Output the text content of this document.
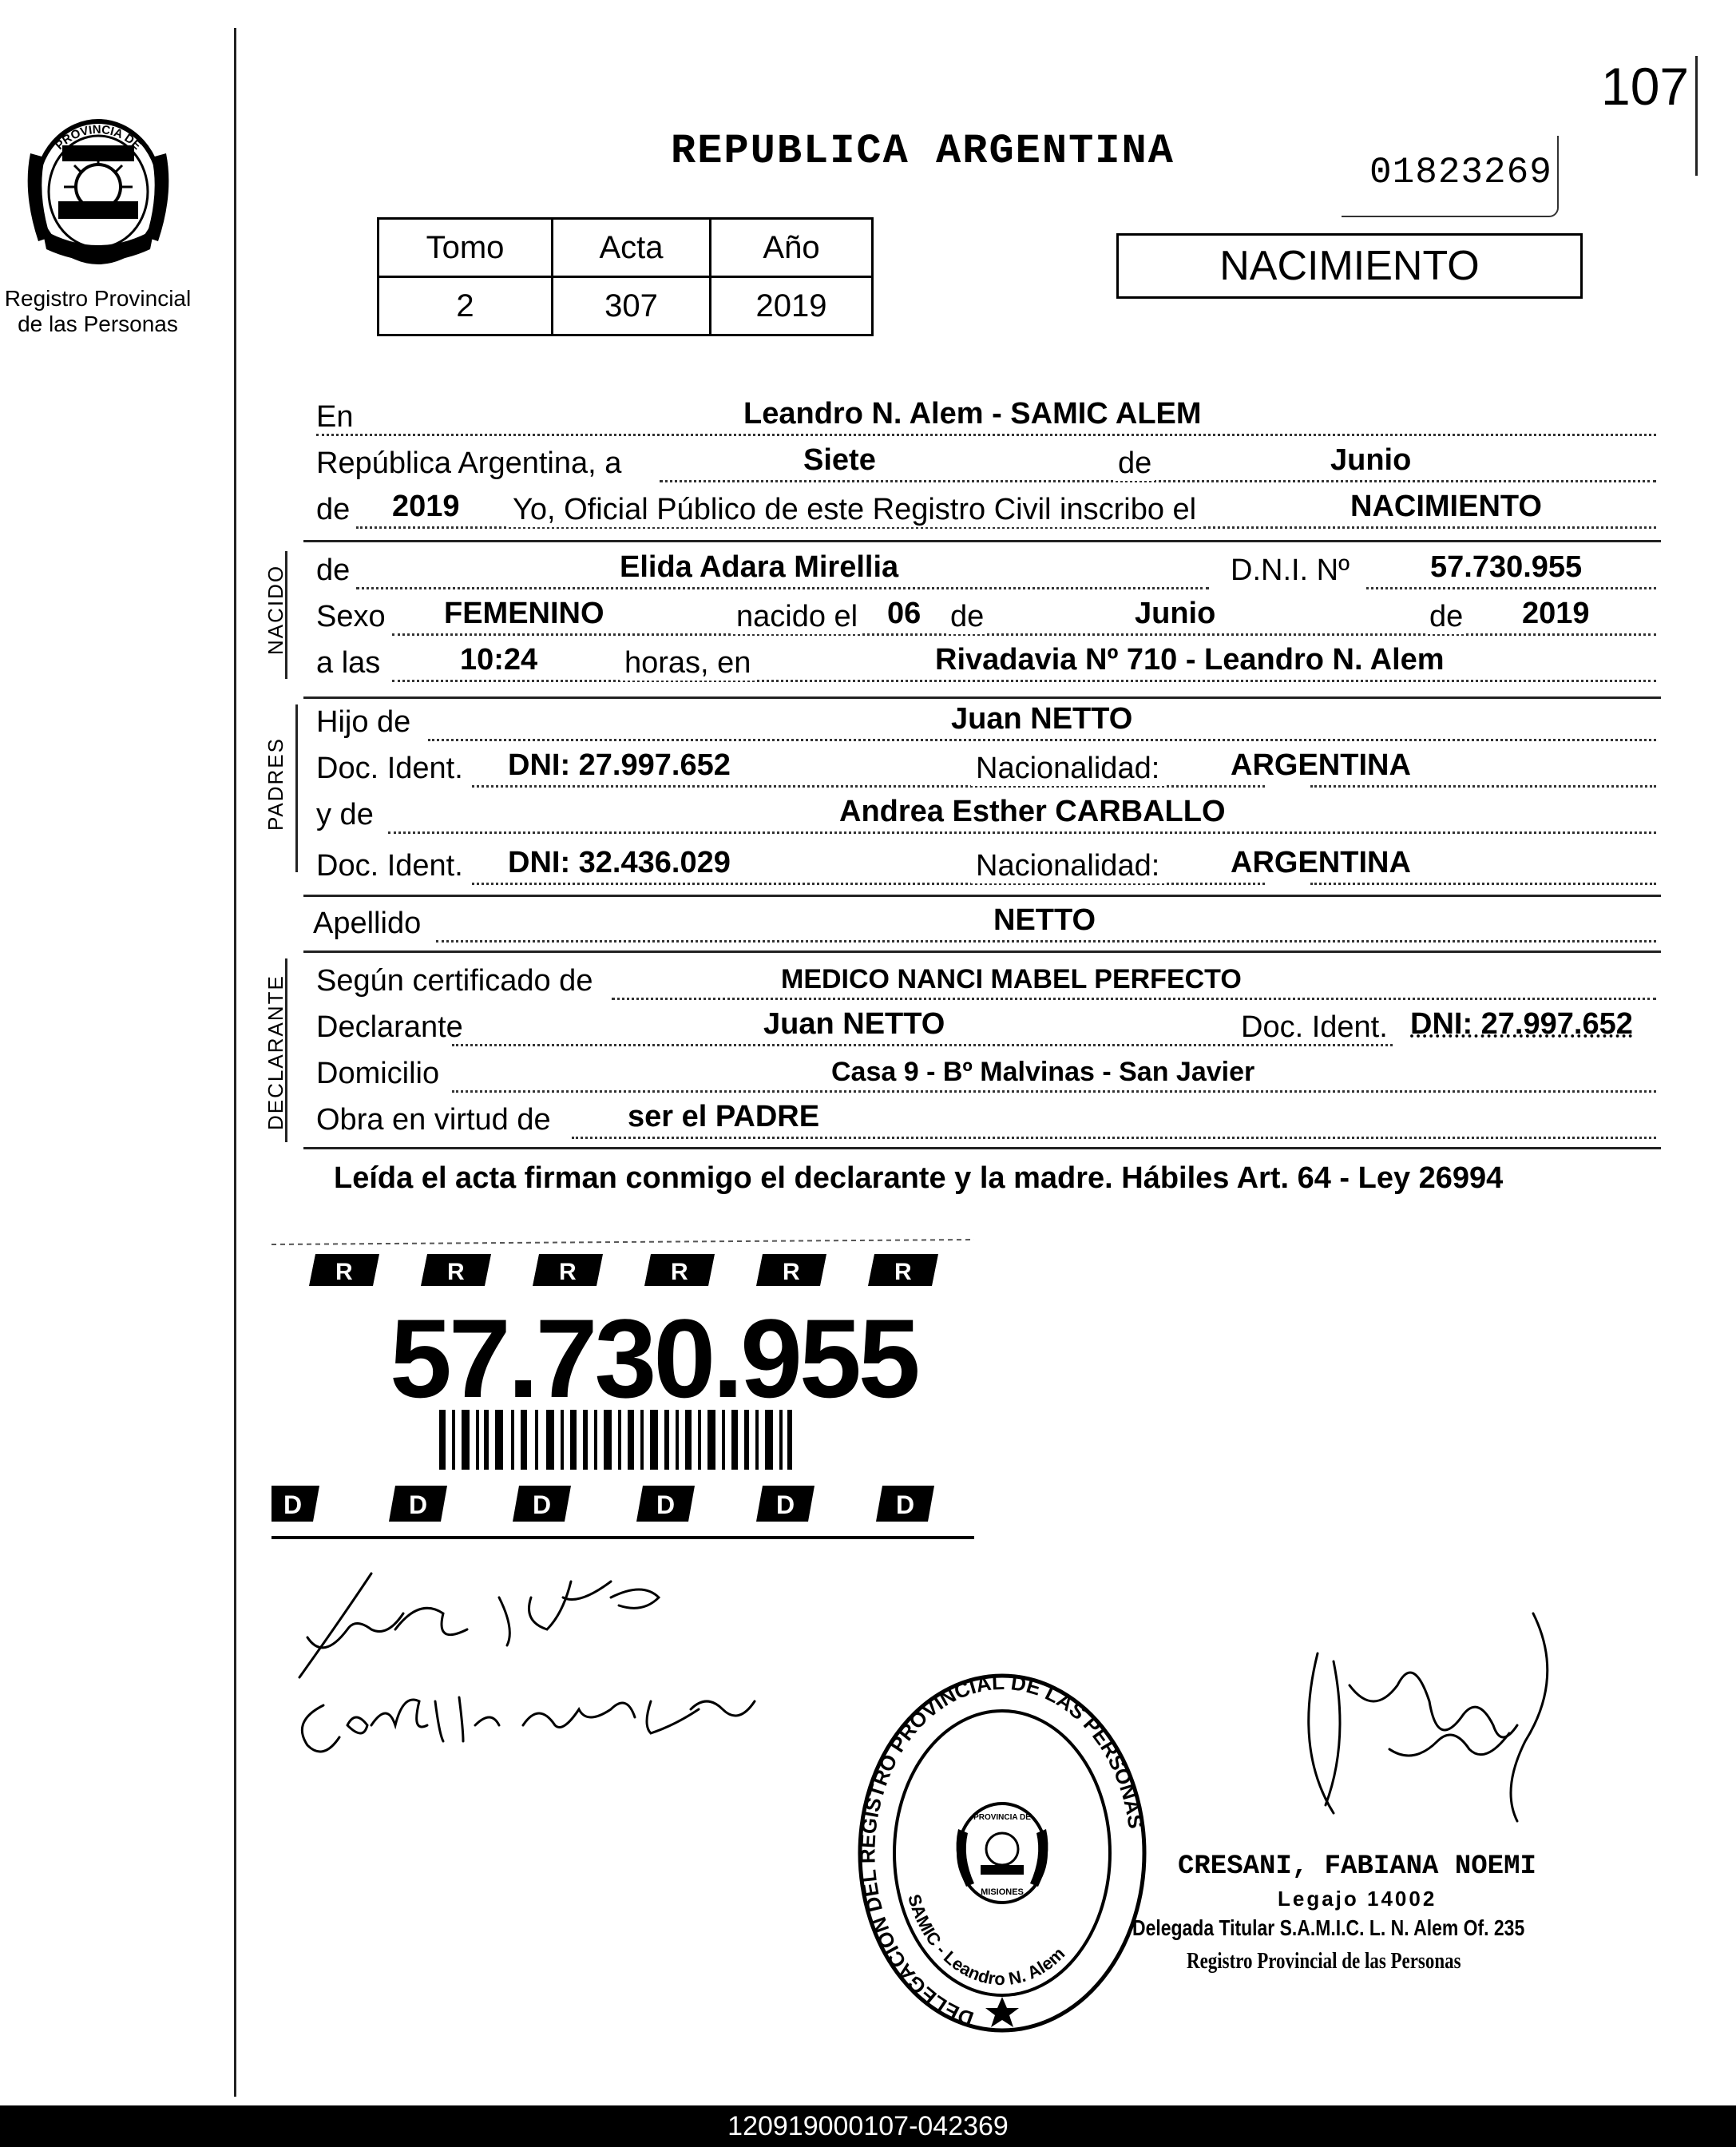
107
PROVINCIA DE
MISIONES
Registro Provincial
de las Personas
REPUBLICA ARGENTINA	01823269
Tomo	Acta	Año
2	307	2019
NACIMIENTO
En	Leandro N. Alem - SAMIC ALEM
República Argentina, a	Siete	de	Junio
de 2019 Yo, Oficial Público de este Registro Civil inscribo el	NACIMIENTO
NACIDO de	Elida Adara Mirellia	D.N.I. Nº	57.730.955
Sexo FEMENINO	nacido el 06 de	Junio	de 2019
a las	10:24	horas, en	Rivadavia Nº 710 - Leandro N. Alem
PADRES
Hijo de	Juan NETTO
Doc. Ident. DNI: 27.997.652	Nacionalidad: ARGENTINA
y de	Andrea Esther CARBALLO
Doc. Ident. DNI: 32.436.029	Nacionalidad: ARGENTINA
Apellido	NETTO
DECLARANTE Según certificado de	MEDICO NANCI MABEL PERFECTO
Declarante	Juan NETTO	Doc. Ident. DNI: 27.997.652
Domicilio	Casa 9 - Bº Malvinas - San Javier
Obra en virtud de	ser el PADRE
Leída el acta firman conmigo el declarante y la madre. Hábiles Art. 64 - Ley 26994
R	R	R	R	R	R
D	D	D	D	D	D
57.730.955
DELEGACION DEL REGISTRO PROVINCIAL DE LAS PERSONAS
SAMIC - Leandro N. Alem
PROVINCIA DE
MISIONES
CRESANI, FABIANA NOEMI
Legajo 14002
Delegada Titular S.A.M.I.C. L. N. Alem Of. 235
Registro Provincial de las Personas
120919000107-042369
